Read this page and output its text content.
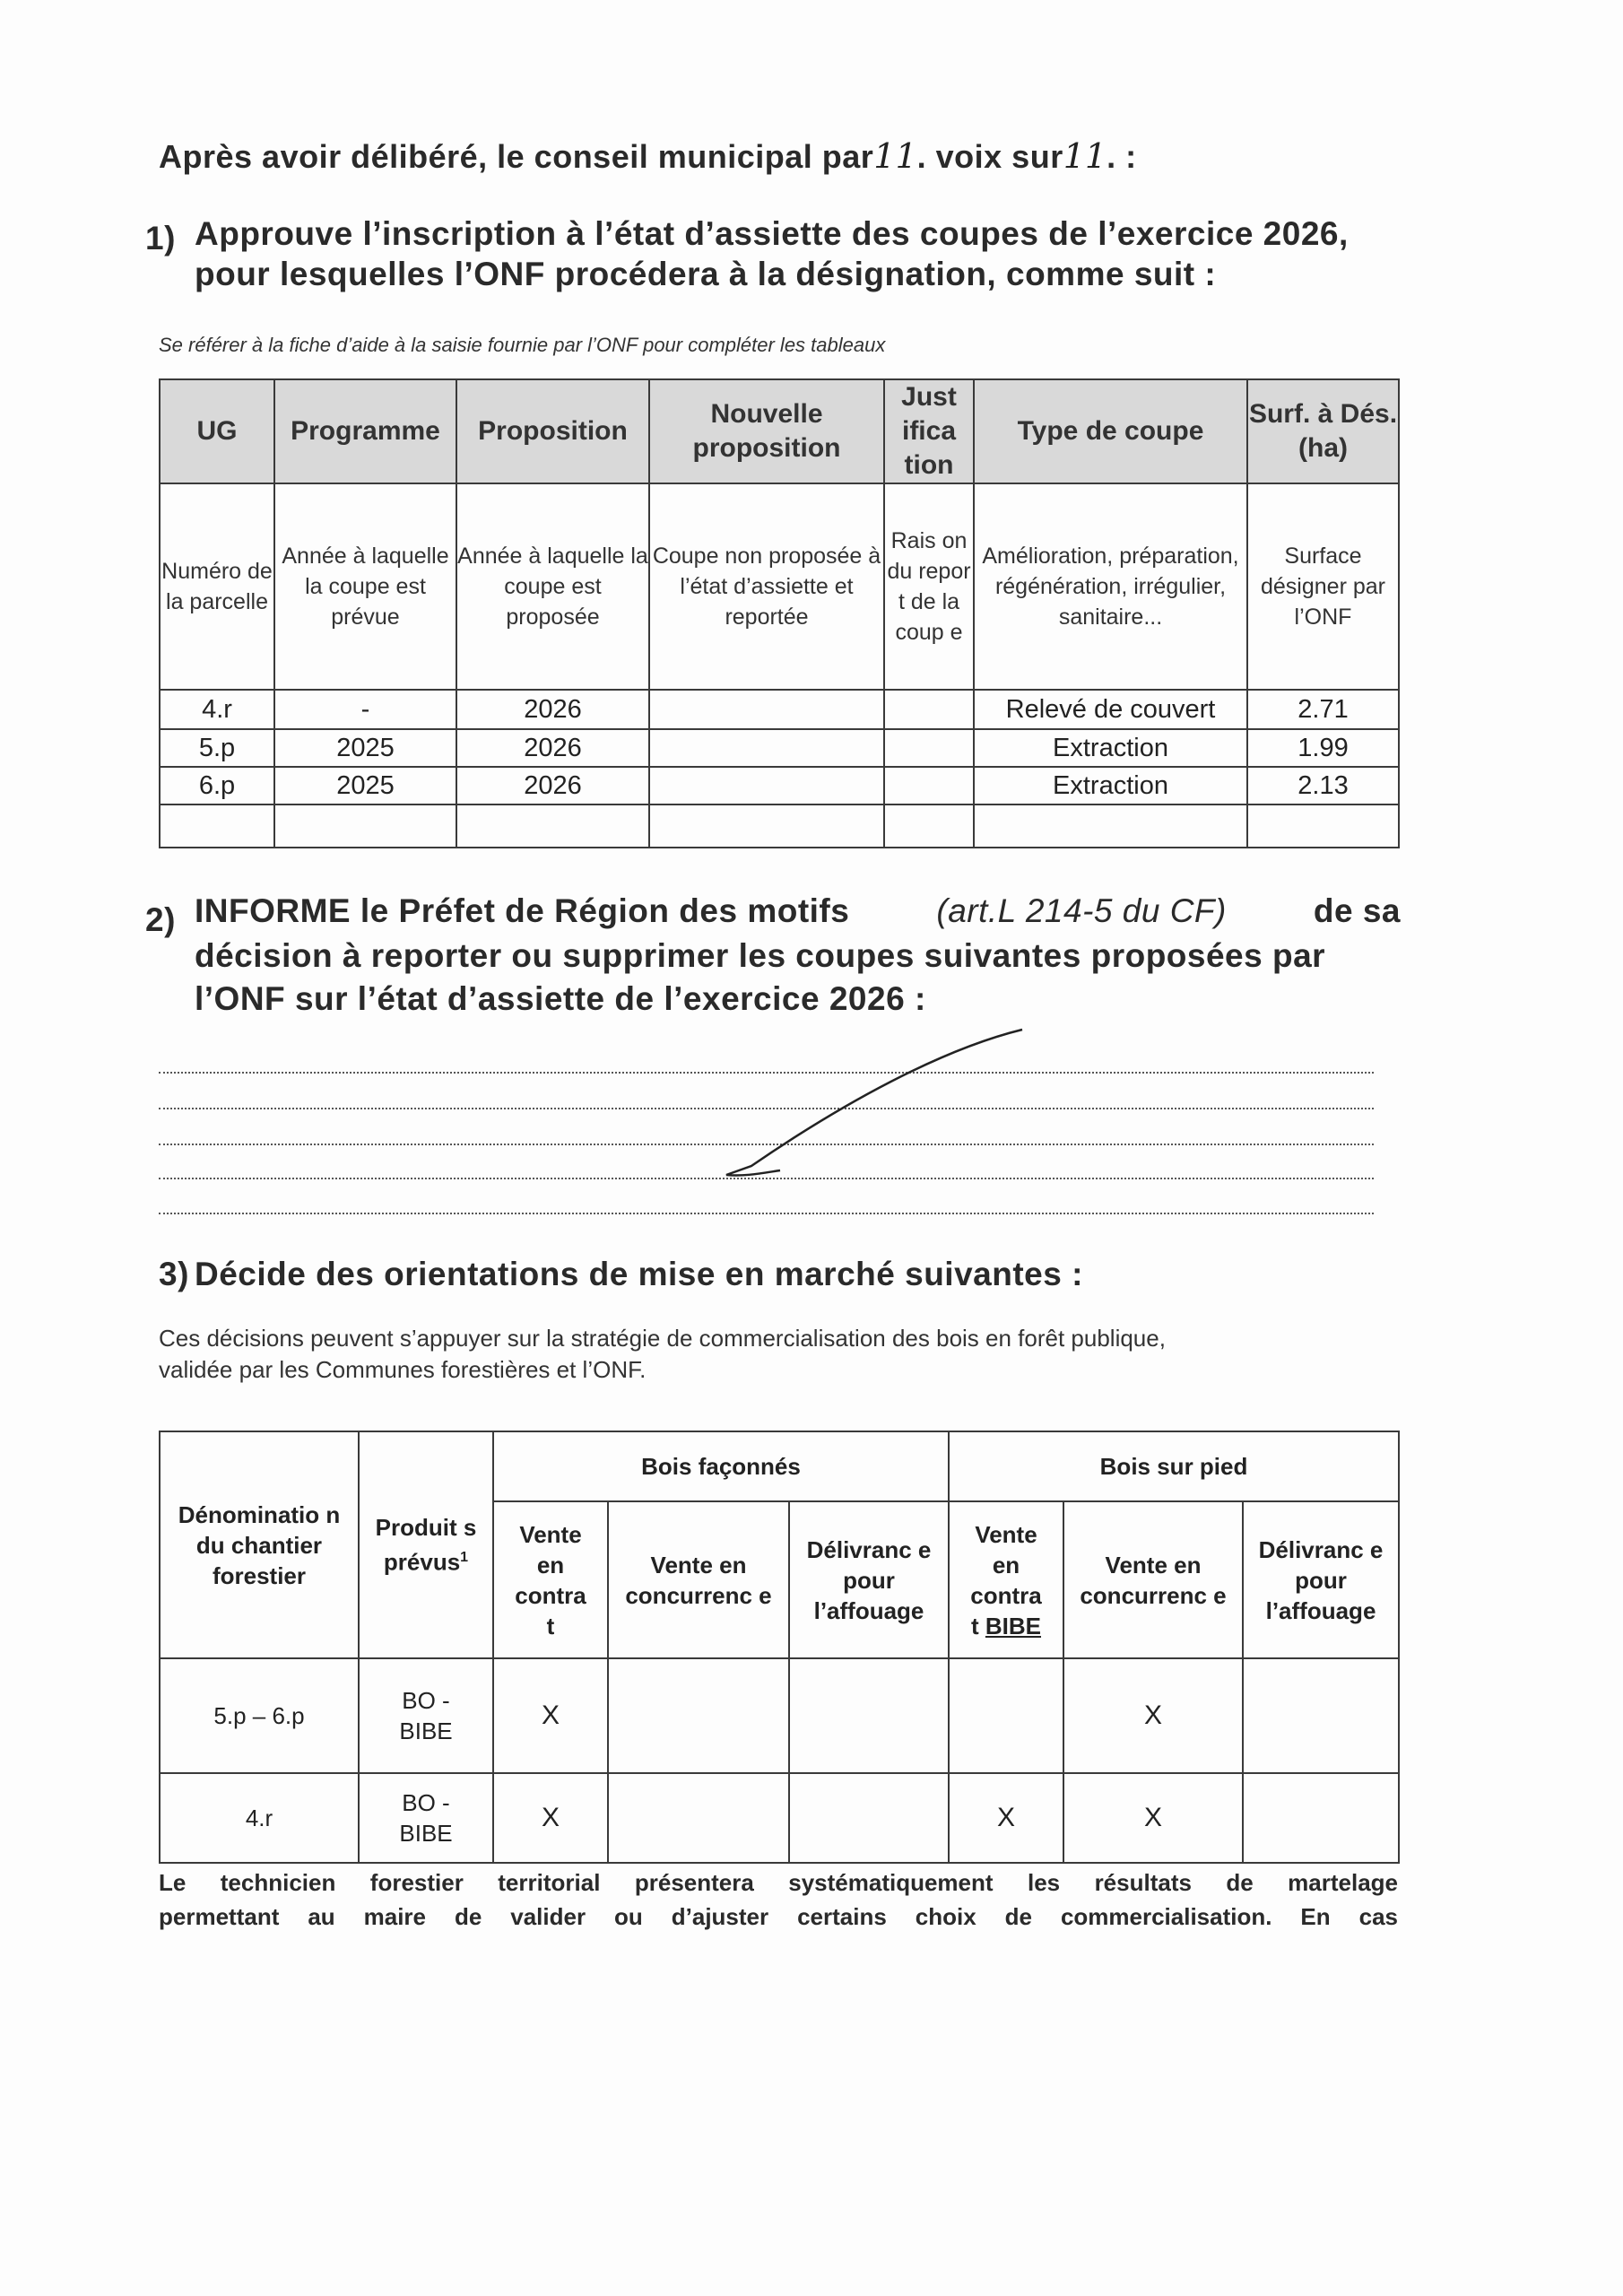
Après avoir délibéré, le conseil municipal par11. voix sur11. :
1) Approuve l’inscription à l’état d’assiette des coupes de l’exercice 2026,
pour lesquelles l’ONF procédera à la désignation, comme suit :
Se référer à la fiche d’aide à la saisie fournie par l’ONF pour compléter les tableaux
UG	Programme	Proposition	Nouvelle proposition	Just ifica tion	Type de coupe	Surf. à Dés. (ha)
Numéro de la parcelle	Année à laquelle la coupe est prévue	Année à laquelle la coupe est proposée	Coupe non proposée à l’état d’assiette et reportée	Rais on du repor t de la coup e	Amélioration, préparation, régénération, irrégulier, sanitaire...	Surface désigner par l’ONF
4.r	-	2026			Relevé de couvert	2.71
5.p	2025	2026			Extraction	1.99
6.p	2025	2026			Extraction	2.13

2) INFORME le Préfet de Région des motifs	(art.L 214-5 du CF)	de sa
décision à reporter ou supprimer les coupes suivantes proposées par
l’ONF sur l’état d’assiette de l’exercice 2026 :
3) Décide des orientations de mise en marché suivantes :
Ces décisions peuvent s’appuyer sur la stratégie de commercialisation des bois en forêt publique,
validée par les Communes forestières et l’ONF.
Dénominatio n du chantier forestier	Produit s prévus$^1$	Bois façonnés			Bois sur pied		
		Vente en contra t	Vente en concurrenc e	Délivranc e pour l’affouage	Vente en contra t BIBE	Vente en concurrenc e	Délivranc e pour l’affouage
5.p – 6.p	BO - BIBE	X				X	
4.r	BO - BIBE	X			X	X	
Le technicien forestier territorial présentera systématiquement les résultats de martelage
permettant au maire de valider ou d’ajuster certains choix de commercialisation. En cas
